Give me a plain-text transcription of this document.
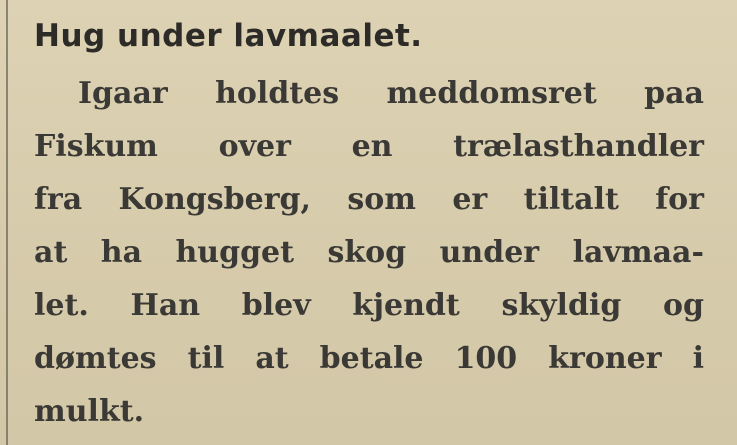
Hug under lavmaalet.
Igaar holdtes meddomsret paa
Fiskum over en trælasthandler
fra Kongsberg, som er tiltalt for
at ha hugget skog under lavmaa-
let. Han blev kjendt skyldig og
dømtes til at betale 100 kroner i
mulkt.
